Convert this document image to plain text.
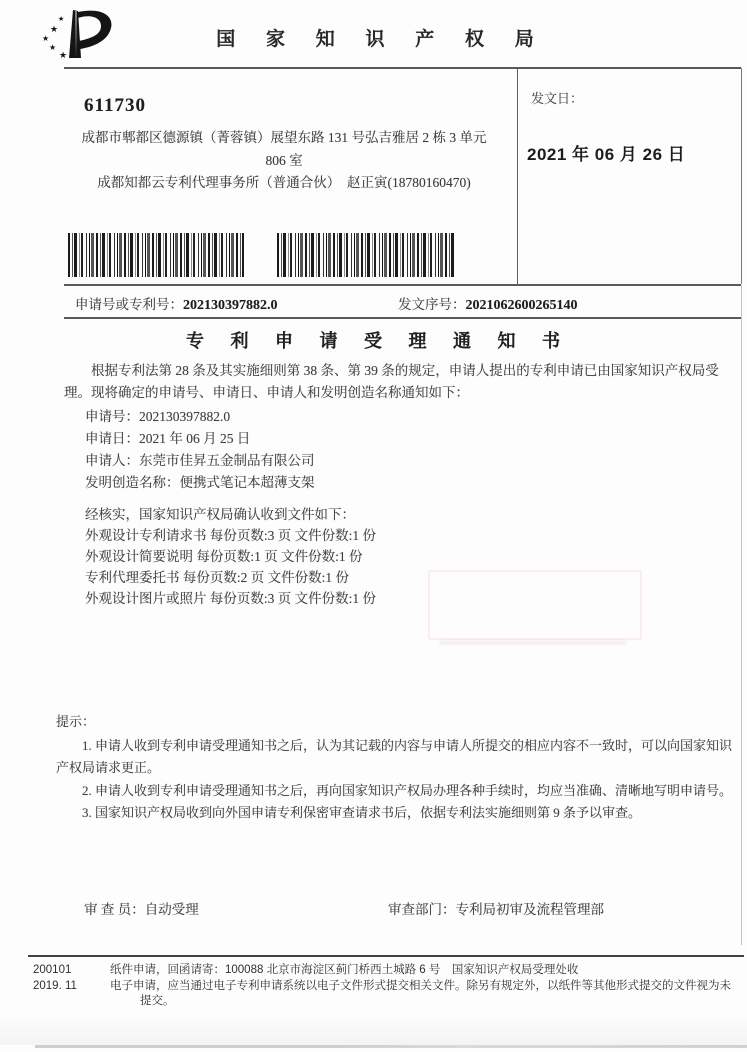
★
★
★
★
★
国 家 知 识 产 权 局
发文日：
2021 年 06 月 26 日
611730
成都市郫都区德源镇（菁蓉镇）展望东路 131 号弘吉雅居 2 栋 3 单元
806 室
成都知都云专利代理事务所（普通合伙）　赵正寅(18780160470)
申请号或专利号：202130397882.0	发文序号：2021062600265140
专 利 申 请 受 理 通 知 书

根据专利法第 28 条及其实施细则第 38 条、第 39 条的规定，申请人提出的专利申请已由国家知识产权局受理。现将确定的申请号、申请日、申请人和发明创造名称通知如下：

申请号：202130397882.0
申请日：2021 年 06 月 25 日
申请人：东莞市佳昇五金制品有限公司
发明创造名称：便携式笔记本超薄支架
经核实，国家知识产权局确认收到文件如下：
外观设计专利请求书 每份页数:3 页 文件份数:1 份
外观设计简要说明 每份页数:1 页 文件份数:1 份
专利代理委托书 每份页数:2 页 文件份数:1 份
外观设计图片或照片 每份页数:3 页 文件份数:1 份
提示：

1. 申请人收到专利申请受理通知书之后，认为其记载的内容与申请人所提交的相应内容不一致时，可以向国家知识产权局请求更正。

2. 申请人收到专利申请受理通知书之后，再向国家知识产权局办理各种手续时，均应当准确、清晰地写明申请号。

3. 国家知识产权局收到向外国申请专利保密审查请求书后，依据专利法实施细则第 9 条予以审查。

审 查 员：自动受理	审查部门：专利局初审及流程管理部
200101
2019. 11

纸件申请，回函请寄：100088 北京市海淀区蓟门桥西土城路 6 号　国家知识产权局受理处收

电子申请，应当通过电子专利申请系统以电子文件形式提交相关文件。除另有规定外，以纸件等其他形式提交的文件视为未提交。
